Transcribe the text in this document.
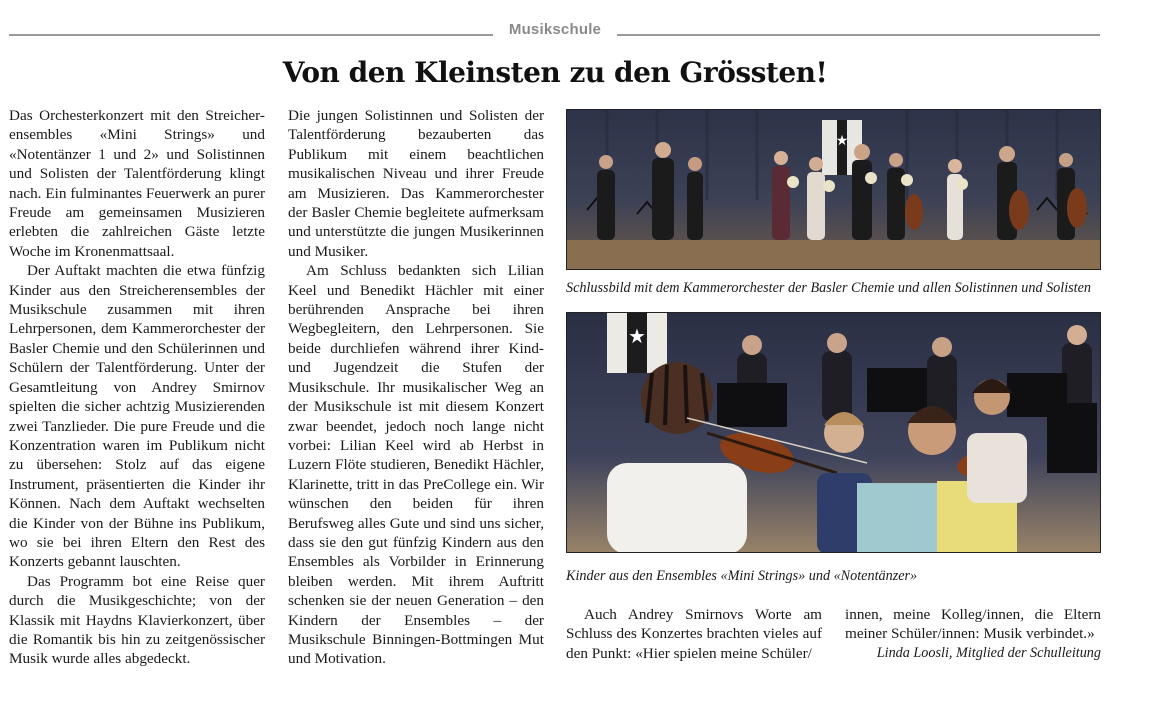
Musikschule
Von den Kleinsten zu den Grössten!

Das Orchesterkonzert mit den Streicher-ensembles «Mini Strings» und «Notentänzer 1 und 2» und Solistinnen und Solisten der Talentförderung klingt nach. Ein fulminantes Feuerwerk an purer Freude am gemeinsamen Musizieren erlebten die zahlreichen Gäste letzte Woche im Kronenmattsaal.

Der Auftakt machten die etwa fünfzig Kinder aus den Streicherensembles der Musikschule zusammen mit ihren Lehrpersonen, dem Kammerorchester der Basler Chemie und den Schülerinnen und Schülern der Talentförderung. Unter der Gesamtleitung von Andrey Smirnov spielten die sicher achtzig Musizierenden zwei Tanzlieder. Die pure Freude und die Konzentration waren im Publikum nicht zu übersehen: Stolz auf das eigene Instrument, präsentierten die Kinder ihr Können. Nach dem Auftakt wechselten die Kinder von der Bühne ins Publikum, wo sie bei ihren Eltern den Rest des Konzerts gebannt lauschten.

Das Programm bot eine Reise quer durch die Musikgeschichte; von der Klassik mit Haydns Klavierkonzert, über die Romantik bis hin zu zeitgenössischer Musik wurde alles abgedeckt.

Die jungen Solistinnen und Solisten der Talentförderung bezauberten das Publikum mit einem beachtlichen musikalischen Niveau und ihrer Freude am Musizieren. Das Kammerorchester der Basler Chemie begleitete aufmerksam und unterstützte die jungen Musikerinnen und Musiker.

Am Schluss bedankten sich Lilian Keel und Benedikt Hächler mit einer berührenden Ansprache bei ihren Wegbegleitern, den Lehrpersonen. Sie beide durchliefen während ihrer Kind- und Jugendzeit die Stufen der Musikschule. Ihr musikalischer Weg an der Musikschule ist mit diesem Konzert zwar beendet, jedoch noch lange nicht vorbei: Lilian Keel wird ab Herbst in Luzern Flöte studieren, Benedikt Hächler, Klarinette, tritt in das PreCollege ein. Wir wünschen den beiden für ihren Berufsweg alles Gute und sind uns sicher, dass sie den gut fünfzig Kindern aus den Ensembles als Vorbilder in Erinnerung bleiben werden. Mit ihrem Auftritt schenken sie der neuen Generation – den Kindern der Ensembles – der Musikschule Binningen-Bottmingen Mut und Motivation.

★
Schlussbild mit dem Kammerorchester der Basler Chemie und allen Solistinnen und Solisten
★
Kinder aus den Ensembles «Mini Strings» und «Notentänzer»

Auch Andrey Smirnovs Worte am Schluss des Konzertes brachten vieles auf den Punkt: «Hier spielen meine Schüler/

innen, meine Kolleg/innen, die Eltern meiner Schüler/innen: Musik verbindet.»

Linda Loosli, Mitglied der Schulleitung
